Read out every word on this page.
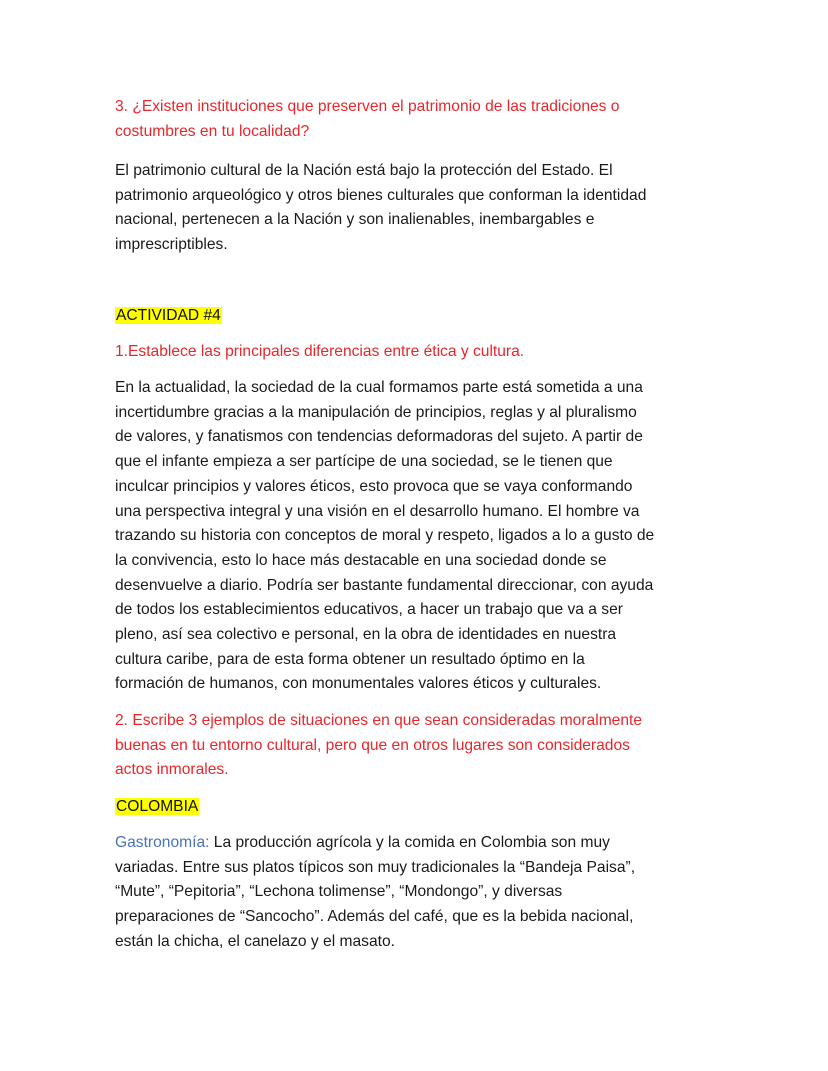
3. ¿Existen instituciones que preserven el patrimonio de las tradiciones o
costumbres en tu localidad?
El patrimonio cultural de la Nación está bajo la protección del Estado. El
patrimonio arqueológico y otros bienes culturales que conforman la identidad
nacional, pertenecen a la Nación y son inalienables, inembargables e
imprescriptibles.
ACTIVIDAD #4
1.Establece las principales diferencias entre ética y cultura.
En la actualidad, la sociedad de la cual formamos parte está sometida a una
incertidumbre gracias a la manipulación de principios, reglas y al pluralismo
de valores, y fanatismos con tendencias deformadoras del sujeto. A partir de
que el infante empieza a ser partícipe de una sociedad, se le tienen que
inculcar principios y valores éticos, esto provoca que se vaya conformando
una perspectiva integral y una visión en el desarrollo humano. El hombre va
trazando su historia con conceptos de moral y respeto, ligados a lo a gusto de
la convivencia, esto lo hace más destacable en una sociedad donde se
desenvuelve a diario. Podría ser bastante fundamental direccionar, con ayuda
de todos los establecimientos educativos, a hacer un trabajo que va a ser
pleno, así sea colectivo e personal, en la obra de identidades en nuestra
cultura caribe, para de esta forma obtener un resultado óptimo en la
formación de humanos, con monumentales valores éticos y culturales.
2. Escribe 3 ejemplos de situaciones en que sean consideradas moralmente
buenas en tu entorno cultural, pero que en otros lugares son considerados
actos inmorales.
COLOMBIA
Gastronomía: La producción agrícola y la comida en Colombia son muy
variadas. Entre sus platos típicos son muy tradicionales la “Bandeja Paisa”,
“Mute”, “Pepitoria”, “Lechona tolimense”, “Mondongo”, y diversas
preparaciones de “Sancocho”. Además del café, que es la bebida nacional,
están la chicha, el canelazo y el masato.
